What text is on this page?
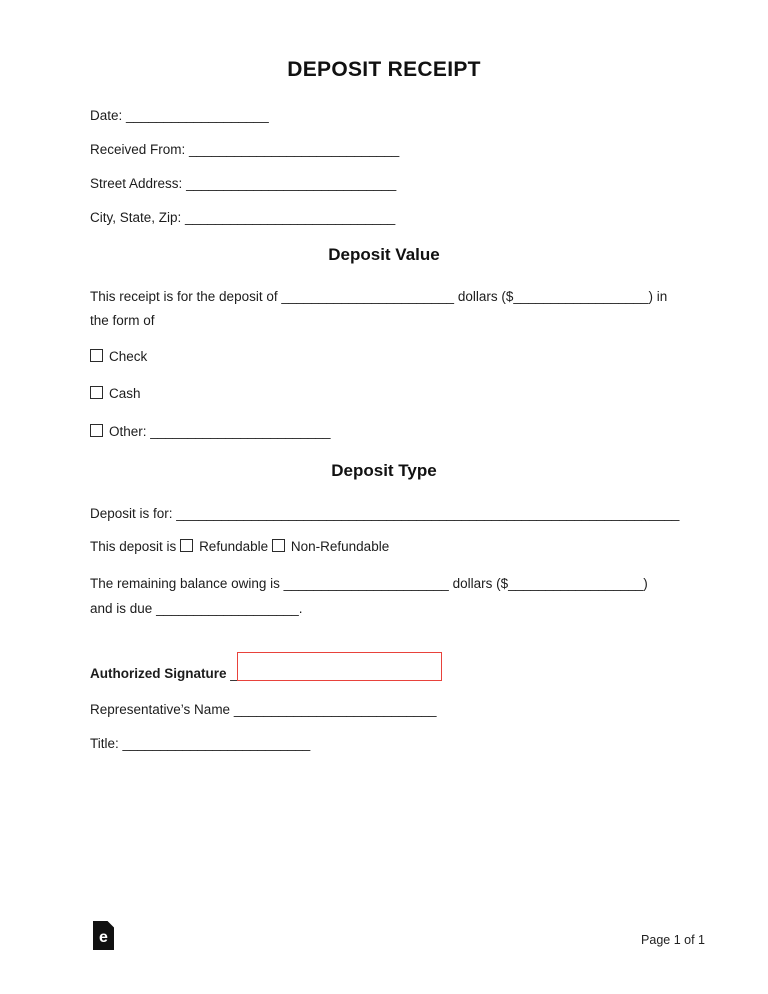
DEPOSIT RECEIPT
Date: ___________________
Received From: ____________________________
Street Address: ____________________________
City, State, Zip: ____________________________
Deposit Value
This receipt is for the deposit of _______________________ dollars ($__________________) in
the form of
Check
Cash
Other: ________________________
Deposit Type
Deposit is for: ___________________________________________________________________
This deposit is Refundable Non-Refundable
The remaining balance owing is ______________________ dollars ($__________________)
and is due ___________________.
Authorized Signature ___________________________
Representative’s Name ___________________________
Title: _________________________
e	Page 1 of 1
